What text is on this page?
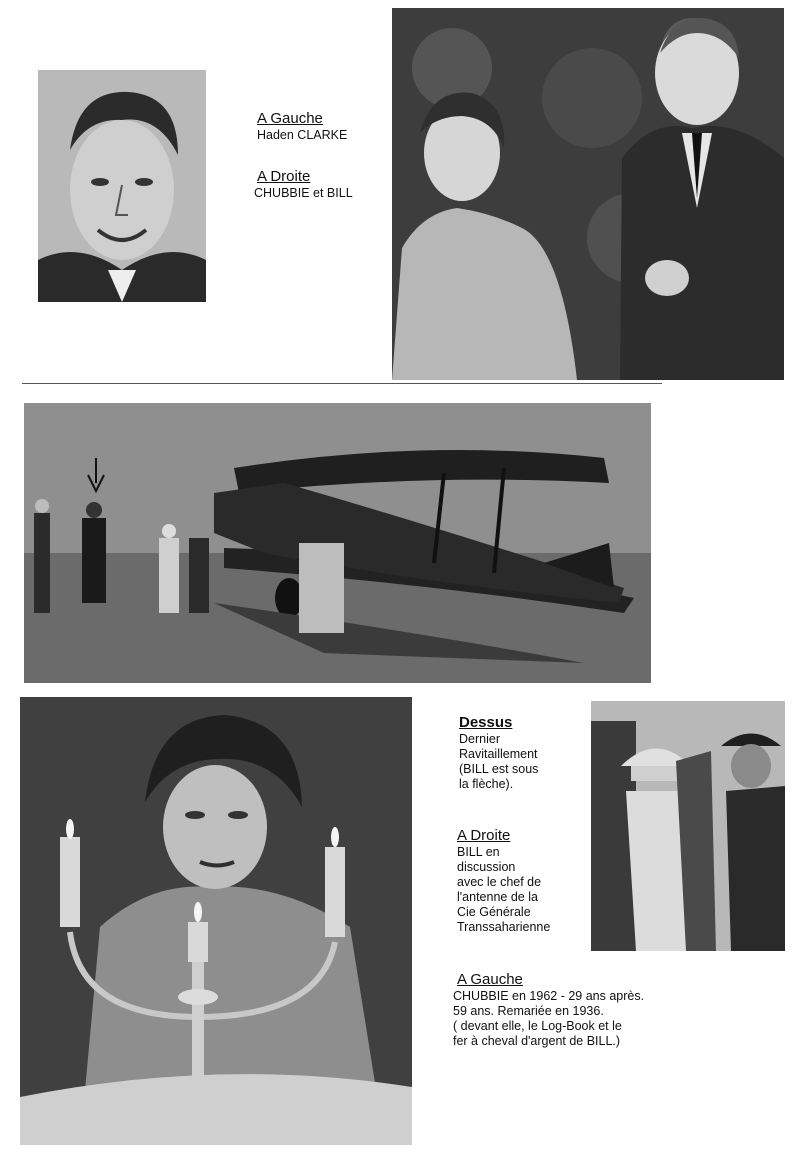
A Gauche
Haden CLARKE
A Droite
CHUBBIE et BILL
Dessus
Dernier
Ravitaillement
(BILL est sous
la flèche).
A Droite
BILL en
discussion
avec le chef de
l'antenne de la
Cie Générale
Transsaharienne
A Gauche
CHUBBIE en 1962 - 29 ans après.
59 ans. Remariée en 1936.
( devant elle, le Log-Book et le
fer à cheval d'argent de BILL.)
